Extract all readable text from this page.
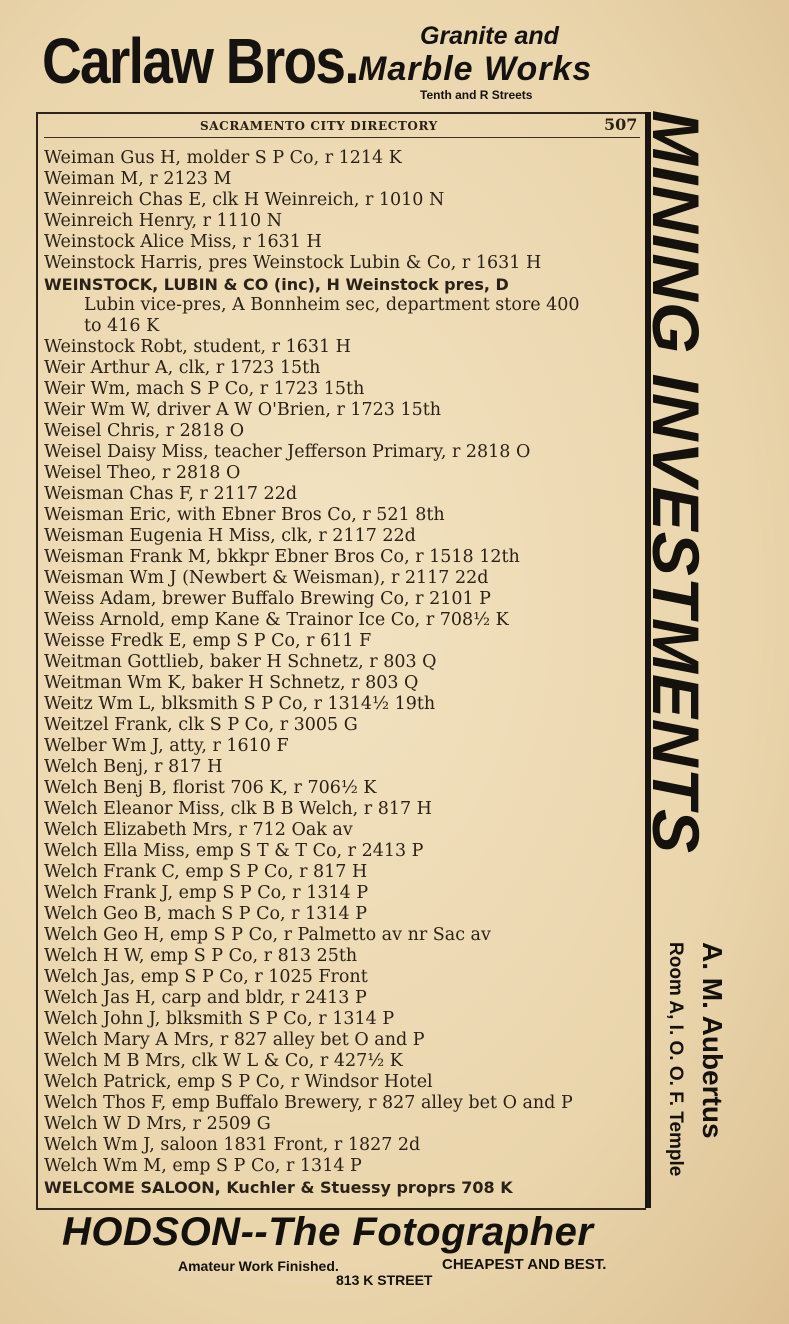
Carlaw Bros. Granite and
Marble Works
Tenth and R Streets
SACRAMENTO CITY DIRECTORY	507
Weiman Gus H, molder S P Co, r 1214 K
Weiman M, r 2123 M
Weinreich Chas E, clk H Weinreich, r 1010 N
Weinreich Henry, r 1110 N
Weinstock Alice Miss, r 1631 H
Weinstock Harris, pres Weinstock Lubin & Co, r 1631 H
WEINSTOCK, LUBIN & CO (inc), H Weinstock pres, D
Lubin vice-pres, A Bonnheim sec, department store 400
to 416 K
Weinstock Robt, student, r 1631 H
Weir Arthur A, clk, r 1723 15th
Weir Wm, mach S P Co, r 1723 15th
Weir Wm W, driver A W O'Brien, r 1723 15th
Weisel Chris, r 2818 O
Weisel Daisy Miss, teacher Jefferson Primary, r 2818 O
Weisel Theo, r 2818 O
Weisman Chas F, r 2117 22d
Weisman Eric, with Ebner Bros Co, r 521 8th
Weisman Eugenia H Miss, clk, r 2117 22d
Weisman Frank M, bkkpr Ebner Bros Co, r 1518 12th
Weisman Wm J (Newbert & Weisman), r 2117 22d
Weiss Adam, brewer Buffalo Brewing Co, r 2101 P
Weiss Arnold, emp Kane & Trainor Ice Co, r 708½ K
Weisse Fredk E, emp S P Co, r 611 F
Weitman Gottlieb, baker H Schnetz, r 803 Q
Weitman Wm K, baker H Schnetz, r 803 Q
Weitz Wm L, blksmith S P Co, r 1314½ 19th
Weitzel Frank, clk S P Co, r 3005 G
Welber Wm J, atty, r 1610 F
Welch Benj, r 817 H
Welch Benj B, florist 706 K, r 706½ K
Welch Eleanor Miss, clk B B Welch, r 817 H
Welch Elizabeth Mrs, r 712 Oak av
Welch Ella Miss, emp S T & T Co, r 2413 P
Welch Frank C, emp S P Co, r 817 H
Welch Frank J, emp S P Co, r 1314 P
Welch Geo B, mach S P Co, r 1314 P
Welch Geo H, emp S P Co, r Palmetto av nr Sac av
Welch H W, emp S P Co, r 813 25th
Welch Jas, emp S P Co, r 1025 Front
Welch Jas H, carp and bldr, r 2413 P
Welch John J, blksmith S P Co, r 1314 P
Welch Mary A Mrs, r 827 alley bet O and P
Welch M B Mrs, clk W L & Co, r 427½ K
Welch Patrick, emp S P Co, r Windsor Hotel
Welch Thos F, emp Buffalo Brewery, r 827 alley bet O and P
Welch W D Mrs, r 2509 G
Welch Wm J, saloon 1831 Front, r 1827 2d
Welch Wm M, emp S P Co, r 1314 P
WELCOME SALOON, Kuchler & Stuessy proprs 708 K
MINING INVESTMENTS
A. M. Aubertus
Room A, I. O. O. F. Temple
HODSON--The Fotographer
Amateur Work Finished.	CHEAPEST AND BEST.
813 K STREET
